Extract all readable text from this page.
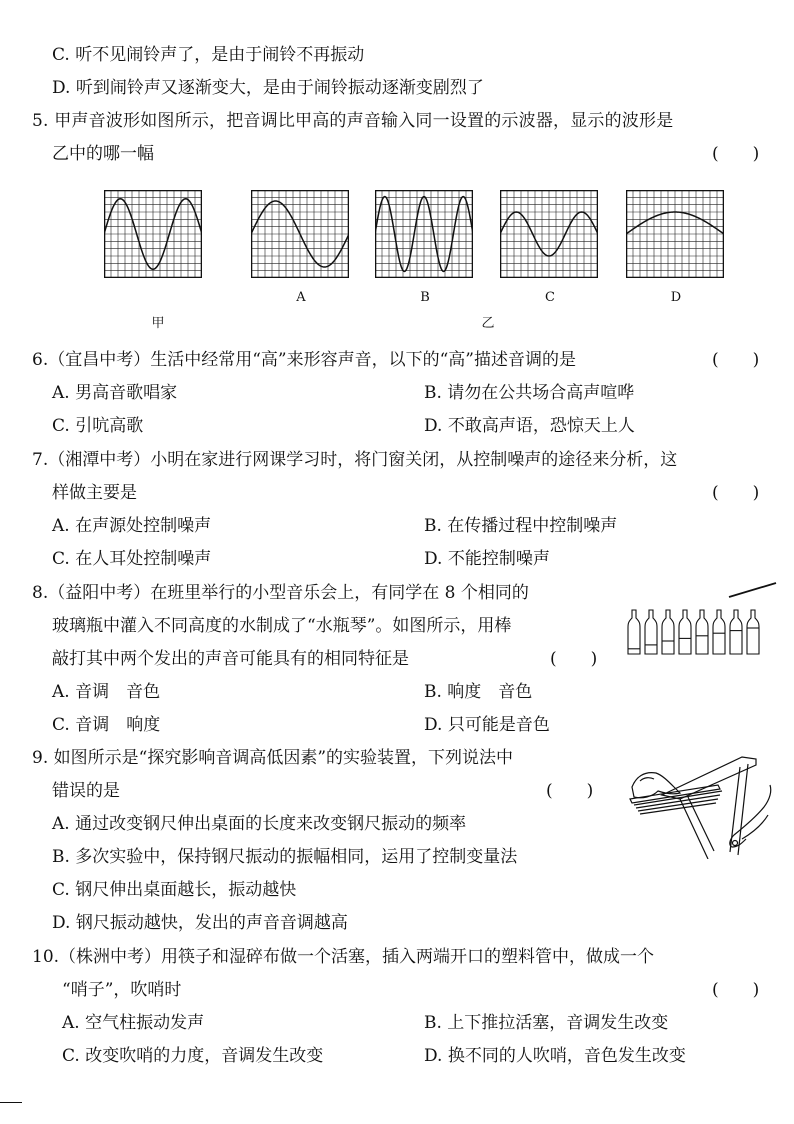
C. 听不见闹铃声了，是由于闹铃不再振动
D. 听到闹铃声又逐渐变大，是由于闹铃振动逐渐变剧烈了
5. 甲声音波形如图所示，把音调比甲高的声音输入同一设置的示波器，显示的波形是
乙中的哪一幅	(　　)
A	B	C	D
甲	乙
6.（宜昌中考）生活中经常用“高”来形容声音，以下的“高”描述音调的是	(　　)
A. 男高音歌唱家	B. 请勿在公共场合高声喧哗
C. 引吭高歌	D. 不敢高声语，恐惊天上人
7.（湘潭中考）小明在家进行网课学习时，将门窗关闭，从控制噪声的途径来分析，这
样做主要是	(　　)
A. 在声源处控制噪声	B. 在传播过程中控制噪声
C. 在人耳处控制噪声	D. 不能控制噪声
8.（益阳中考）在班里举行的小型音乐会上，有同学在 8 个相同的
玻璃瓶中灌入不同高度的水制成了“水瓶琴”。如图所示，用棒
敲打其中两个发出的声音可能具有的相同特征是	(　　)
A. 音调　音色	B. 响度　音色
C. 音调　响度	D. 只可能是音色
9. 如图所示是“探究影响音调高低因素”的实验装置，下列说法中
错误的是	(　　)
A. 通过改变钢尺伸出桌面的长度来改变钢尺振动的频率
B. 多次实验中，保持钢尺振动的振幅相同，运用了控制变量法
C. 钢尺伸出桌面越长，振动越快
D. 钢尺振动越快，发出的声音音调越高
10.（株洲中考）用筷子和湿碎布做一个活塞，插入两端开口的塑料管中，做成一个
“哨子”，吹哨时	(　　)
A. 空气柱振动发声	B. 上下推拉活塞，音调发生改变
C. 改变吹哨的力度，音调发生改变	D. 换不同的人吹哨，音色发生改变
